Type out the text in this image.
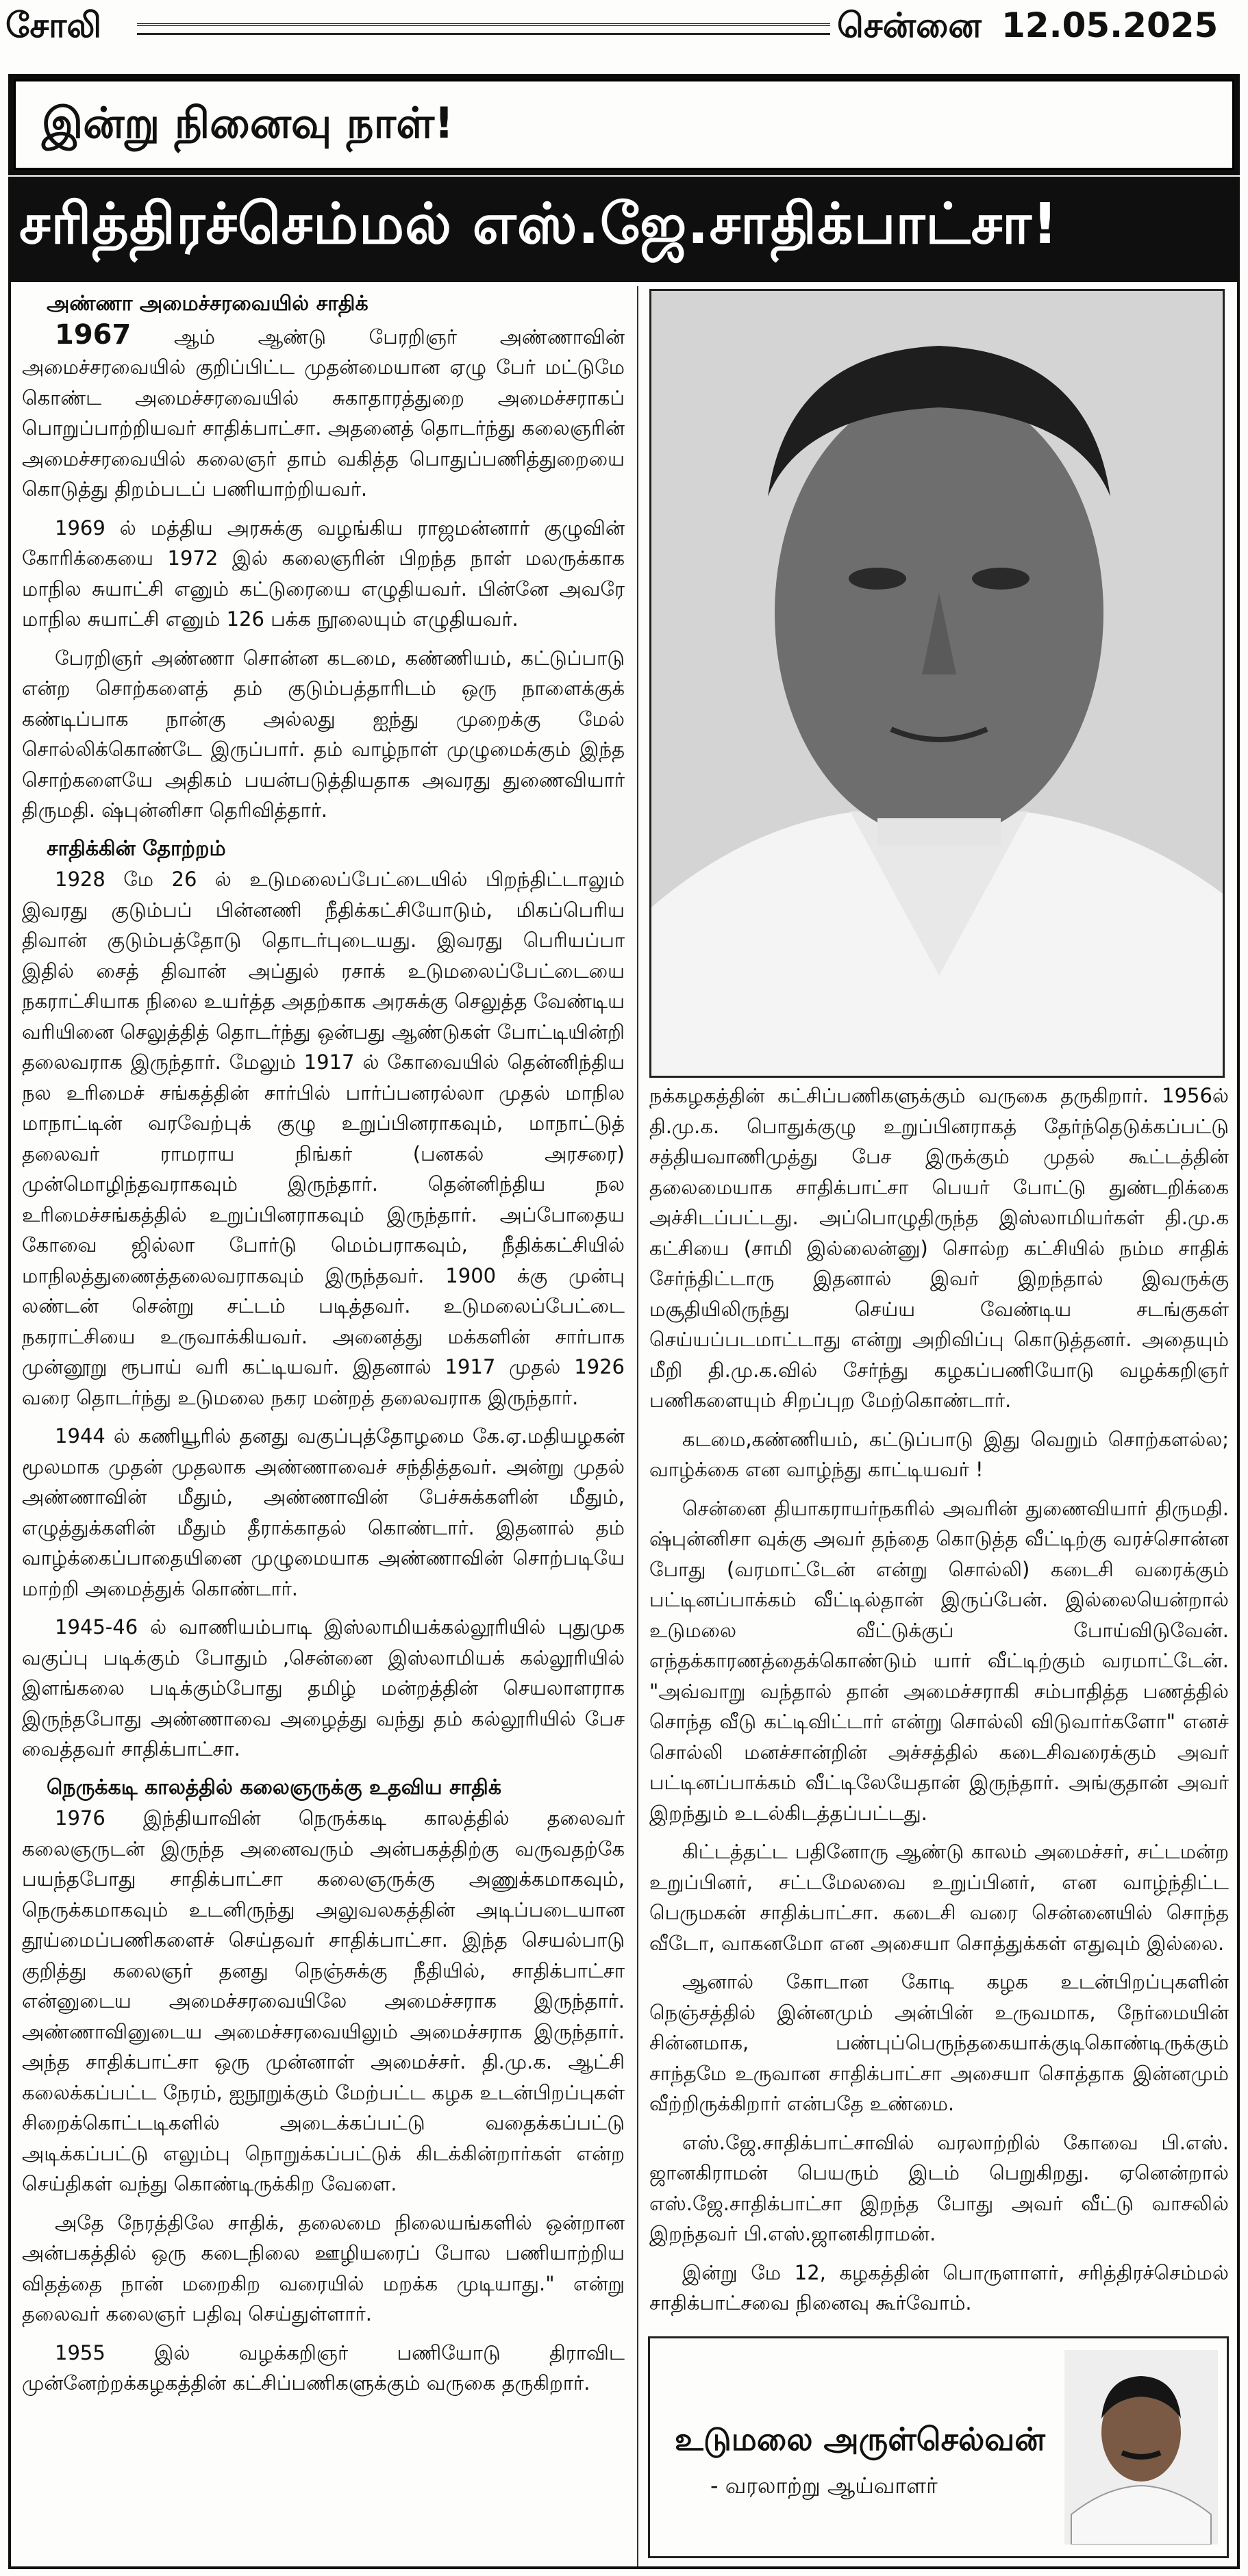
சோலி	சென்னை 12.05.2025
இன்று நினைவு நாள்!
சரித்திரச்செம்மல் எஸ்.ஜே.சாதிக்பாட்சா!
அண்ணா அமைச்சரவையில் சாதிக்

1967 ஆம் ஆண்டு பேரறிஞர் அண்ணாவின் அமைச்சரவையில் குறிப்பிட்ட முதன்மையான ஏழு பேர் மட்டுமே கொண்ட அமைச்சரவையில் சுகாதாரத்துறை அமைச்சராகப் பொறுப்பாற்றியவர் சாதிக்பாட்சா. அதனைத் தொடர்ந்து கலைஞரின் அமைச்சரவையில் கலைஞர் தாம் வகித்த பொதுப்பணித்துறையை கொடுத்து திறம்படப் பணியாற்றியவர்.

1969 ல் மத்திய அரசுக்கு வழங்கிய ராஜமன்னார் குழுவின் கோரிக்கையை 1972 இல் கலைஞரின் பிறந்த நாள் மலருக்காக மாநில சுயாட்சி எனும் கட்டுரையை எழுதியவர். பின்னே அவரே மாநில சுயாட்சி எனும் 126 பக்க நூலையும் எழுதியவர்.

பேரறிஞர் அண்ணா சொன்ன கடமை, கண்ணியம், கட்டுப்பாடு என்ற சொற்களைத் தம் குடும்பத்தாரிடம் ஒரு நாளைக்குக் கண்டிப்பாக நான்கு அல்லது ஐந்து முறைக்கு மேல் சொல்லிக்கொண்டே இருப்பார். தம் வாழ்நாள் முழுமைக்கும் இந்த சொற்களையே அதிகம் பயன்படுத்தியதாக அவரது துணைவியார் திருமதி. ஷ்புன்னிசா தெரிவித்தார்.

சாதிக்கின் தோற்றம்

1928 மே 26 ல் உடுமலைப்பேட்டையில் பிறந்திட்டாலும் இவரது குடும்பப் பின்னணி நீதிக்கட்சியோடும், மிகப்பெரிய திவான் குடும்பத்தோடு தொடர்புடையது. இவரது பெரியப்பா இதில் சைத் திவான் அப்துல் ரசாக் உடுமலைப்பேட்டையை நகராட்சியாக நிலை உயர்த்த அதற்காக அரசுக்கு செலுத்த வேண்டிய வரியினை செலுத்தித் தொடர்ந்து ஒன்பது ஆண்டுகள் போட்டியின்றி தலைவராக இருந்தார். மேலும் 1917 ல் கோவையில் தென்னிந்திய நல உரிமைச் சங்கத்தின் சார்பில் பார்ப்பனரல்லா முதல் மாநில மாநாட்டின் வரவேற்புக் குழு உறுப்பினராகவும், மாநாட்டுத் தலைவர் ராமராய நிங்கர் (பனகல் அரசரை) முன்மொழிந்தவராகவும் இருந்தார். தென்னிந்திய நல உரிமைச்சங்கத்தில் உறுப்பினராகவும் இருந்தார். அப்போதைய கோவை ஜில்லா போர்டு மெம்பராகவும், நீதிக்கட்சியில் மாநிலத்துணைத்தலைவராகவும் இருந்தவர். 1900 க்கு முன்பு லண்டன் சென்று சட்டம் படித்தவர். உடுமலைப்பேட்டை நகராட்சியை உருவாக்கியவர். அனைத்து மக்களின் சார்பாக முன்னூறு ரூபாய் வரி கட்டியவர். இதனால் 1917 முதல் 1926 வரை தொடர்ந்து உடுமலை நகர மன்றத் தலைவராக இருந்தார்.

1944 ல் கணியூரில் தனது வகுப்புத்தோழமை கே.ஏ.மதியழகன் மூலமாக முதன் முதலாக அண்ணாவைச் சந்தித்தவர். அன்று முதல் அண்ணாவின் மீதும், அண்ணாவின் பேச்சுக்களின் மீதும், எழுத்துக்களின் மீதும் தீராக்காதல் கொண்டார். இதனால் தம் வாழ்க்கைப்பாதையினை முழுமையாக அண்ணாவின் சொற்படியே மாற்றி அமைத்துக் கொண்டார்.

1945-46 ல் வாணியம்பாடி இஸ்லாமியக்கல்லூரியில் புதுமுக வகுப்பு படிக்கும் போதும் ,சென்னை இஸ்லாமியக் கல்லூரியில் இளங்கலை படிக்கும்போது தமிழ் மன்றத்தின் செயலாளராக இருந்தபோது அண்ணாவை அழைத்து வந்து தம் கல்லூரியில் பேச வைத்தவர் சாதிக்பாட்சா.

நெருக்கடி காலத்தில் கலைஞருக்கு உதவிய சாதிக்

1976 இந்தியாவின் நெருக்கடி காலத்தில் தலைவர் கலைஞருடன் இருந்த அனைவரும் அன்பகத்திற்கு வருவதற்கே பயந்தபோது சாதிக்பாட்சா கலைஞருக்கு அணுக்கமாகவும், நெருக்கமாகவும் உடனிருந்து அலுவலகத்தின் அடிப்படையான தூய்மைப்பணிகளைச் செய்தவர் சாதிக்பாட்சா. இந்த செயல்பாடு குறித்து கலைஞர் தனது நெஞ்சுக்கு நீதியில், சாதிக்பாட்சா என்னுடைய அமைச்சரவையிலே அமைச்சராக இருந்தார். அண்ணாவினுடைய அமைச்சரவையிலும் அமைச்சராக இருந்தார். அந்த சாதிக்பாட்சா ஒரு முன்னாள் அமைச்சர். தி.மு.க. ஆட்சி கலைக்கப்பட்ட நேரம், ஐநூறுக்கும் மேற்பட்ட கழக உடன்பிறப்புகள் சிறைக்கொட்டடிகளில் அடைக்கப்பட்டு வதைக்கப்பட்டு அடிக்கப்பட்டு எலும்பு நொறுக்கப்பட்டுக் கிடக்கின்றார்கள் என்ற செய்திகள் வந்து கொண்டிருக்கிற வேளை.

அதே நேரத்திலே சாதிக், தலைமை நிலையங்களில் ஒன்றான அன்பகத்தில் ஒரு கடைநிலை ஊழியரைப் போல பணியாற்றிய விதத்தை நான் மறைகிற வரையில் மறக்க முடியாது." என்று தலைவர் கலைஞர் பதிவு செய்துள்ளார்.

1955 இல் வழக்கறிஞர் பணியோடு திராவிட முன்னேற்றக்கழகத்தின் கட்சிப்பணிகளுக்கும் வருகை தருகிறார்.

நக்கழகத்தின் கட்சிப்பணிகளுக்கும் வருகை தருகிறார். 1956ல் தி.மு.க. பொதுக்குழு உறுப்பினராகத் தேர்ந்தெடுக்கப்பட்டு சத்தியவாணிமுத்து பேச இருக்கும் முதல் கூட்டத்தின் தலைமையாக சாதிக்பாட்சா பெயர் போட்டு துண்டறிக்கை அச்சிடப்பட்டது. அப்பொழுதிருந்த இஸ்லாமியர்கள் தி.மு.க கட்சியை (சாமி இல்லைன்னு) சொல்ற கட்சியில் நம்ம சாதிக் சேர்ந்திட்டாரு இதனால் இவர் இறந்தால் இவருக்கு மசூதியிலிருந்து செய்ய வேண்டிய சடங்குகள் செய்யப்படமாட்டாது என்று அறிவிப்பு கொடுத்தனர். அதையும் மீறி தி.மு.க.வில் சேர்ந்து கழகப்பணியோடு வழக்கறிஞர் பணிகளையும் சிறப்புற மேற்கொண்டார்.

கடமை,கண்ணியம், கட்டுப்பாடு இது வெறும் சொற்களல்ல; வாழ்க்கை என வாழ்ந்து காட்டியவர் !

சென்னை தியாகராயர்நகரில் அவரின் துணைவியார் திருமதி. ஷ்புன்னிசா வுக்கு அவர் தந்தை கொடுத்த வீட்டிற்கு வரச்சொன்ன போது (வரமாட்டேன் என்று சொல்லி) கடைசி வரைக்கும் பட்டினப்பாக்கம் வீட்டில்தான் இருப்பேன். இல்லையென்றால் உடுமலை வீட்டுக்குப் போய்விடுவேன். எந்தக்காரணத்தைக்கொண்டும் யார் வீட்டிற்கும் வரமாட்டேன். "அவ்வாறு வந்தால் தான் அமைச்சராகி சம்பாதித்த பணத்தில் சொந்த வீடு கட்டிவிட்டார் என்று சொல்லி விடுவார்களோ" எனச் சொல்லி மனச்சான்றின் அச்சத்தில் கடைசிவரைக்கும் அவர் பட்டினப்பாக்கம் வீட்டிலேயேதான் இருந்தார். அங்குதான் அவர் இறந்தும் உடல்கிடத்தப்பட்டது.

கிட்டத்தட்ட பதினோரு ஆண்டு காலம் அமைச்சர், சட்டமன்ற உறுப்பினர், சட்டமேலவை உறுப்பினர், என வாழ்ந்திட்ட பெருமகன் சாதிக்பாட்சா. கடைசி வரை சென்னையில் சொந்த வீடோ, வாகனமோ என அசையா சொத்துக்கள் எதுவும் இல்லை.

ஆனால் கோடான கோடி கழக உடன்பிறப்புகளின் நெஞ்சத்தில் இன்னமும் அன்பின் உருவமாக, நேர்மையின் சின்னமாக, பண்புப்பெருந்தகையாக்குடிகொண்டிருக்கும் சாந்தமே உருவான சாதிக்பாட்சா அசையா சொத்தாக இன்னமும் வீற்றிருக்கிறார் என்பதே உண்மை.

எஸ்.ஜே.சாதிக்பாட்சாவில் வரலாற்றில் கோவை பி.எஸ். ஜானகிராமன் பெயரும் இடம் பெறுகிறது. ஏனென்றால் எஸ்.ஜே.சாதிக்பாட்சா இறந்த போது அவர் வீட்டு வாசலில் இறந்தவர் பி.எஸ்.ஜானகிராமன்.

இன்று மே 12, கழகத்தின் பொருளாளர், சரித்திரச்செம்மல் சாதிக்பாட்சவை நினைவு கூர்வோம்.

உடுமலை அருள்செல்வன்
- வரலாற்று ஆய்வாளர்
